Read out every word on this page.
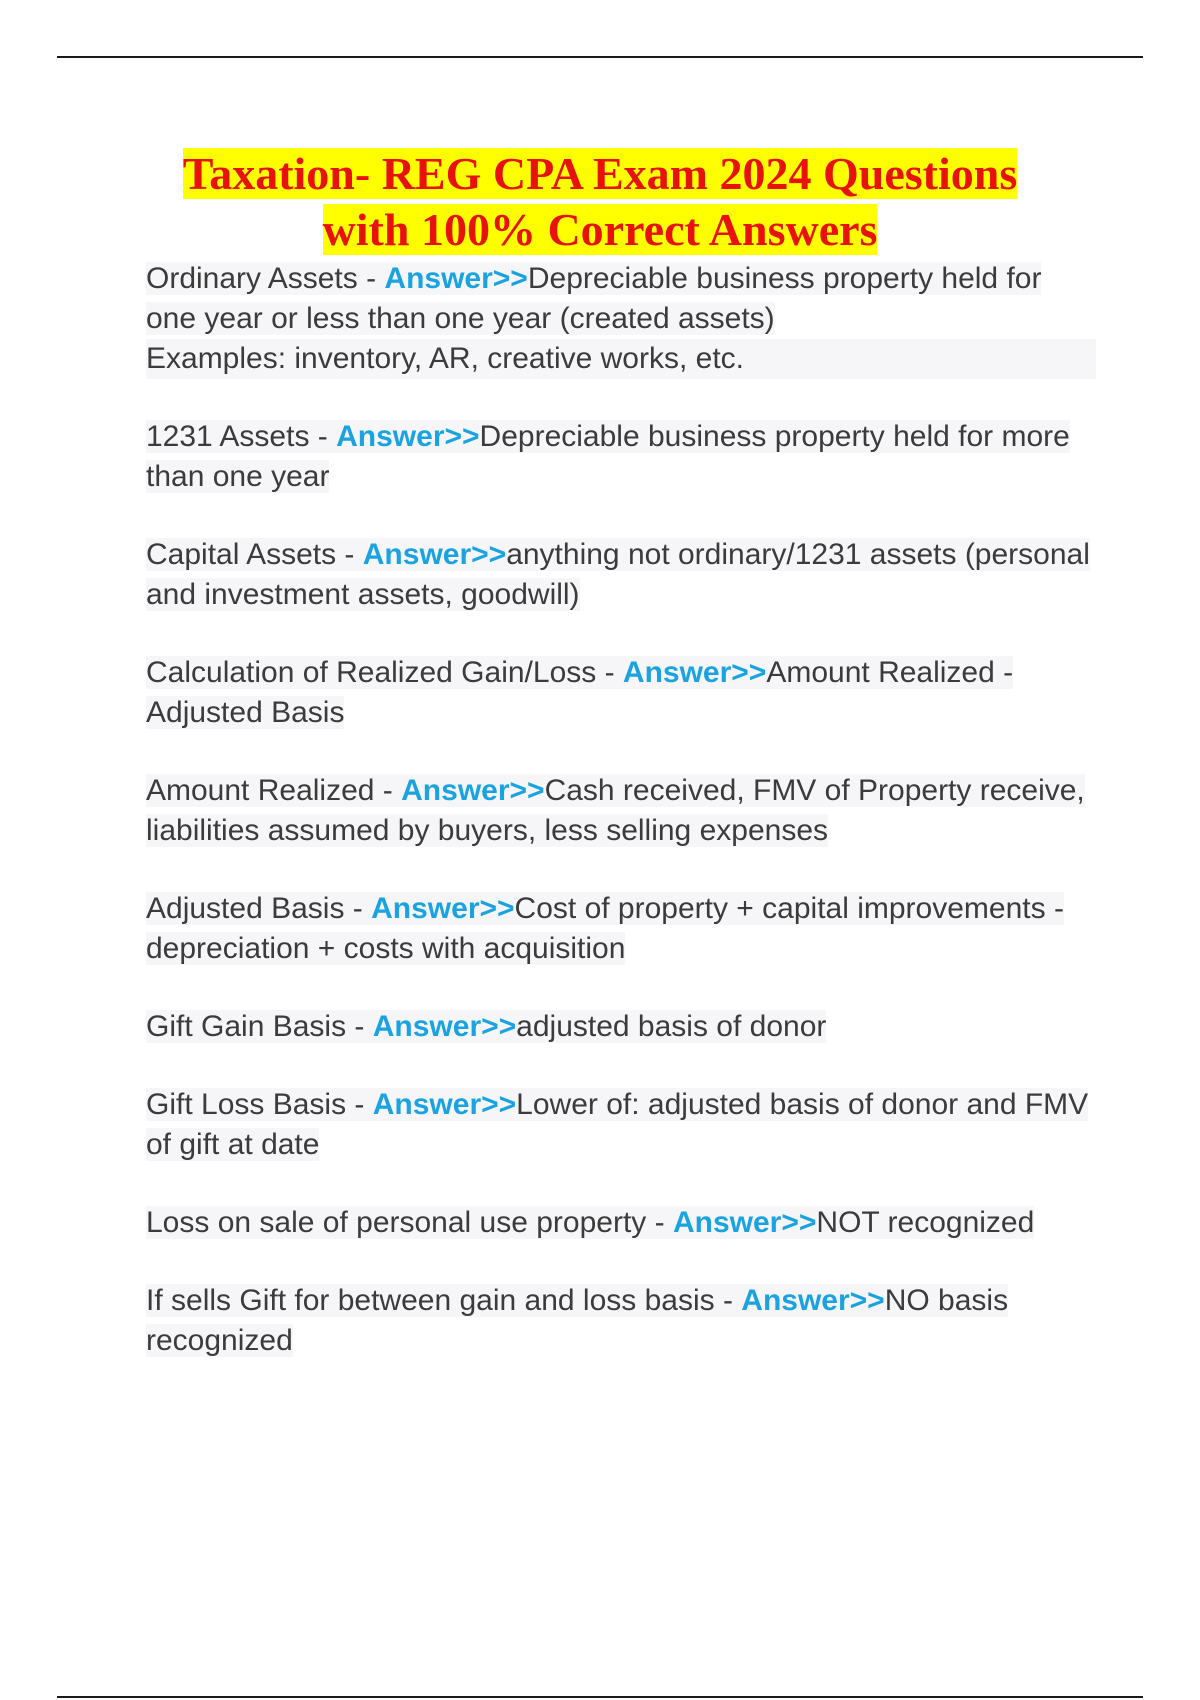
Taxation- REG CPA Exam 2024 Questions
with 100% Correct Answers

Ordinary Assets - Answer>>Depreciable business property held for one year or less than one year (created assets)
Examples: inventory, AR, creative works, etc.

1231 Assets - Answer>>Depreciable business property held for more than one year

Capital Assets - Answer>>anything not ordinary/1231 assets (personal and investment assets, goodwill)

Calculation of Realized Gain/Loss - Answer>>Amount Realized - Adjusted Basis

Amount Realized - Answer>>Cash received, FMV of Property receive, liabilities assumed by buyers, less selling expenses

Adjusted Basis - Answer>>Cost of property + capital improvements - depreciation + costs with acquisition

Gift Gain Basis - Answer>>adjusted basis of donor

Gift Loss Basis - Answer>>Lower of: adjusted basis of donor and FMV of gift at date

Loss on sale of personal use property - Answer>>NOT recognized

If sells Gift for between gain and loss basis - Answer>>NO basis recognized
